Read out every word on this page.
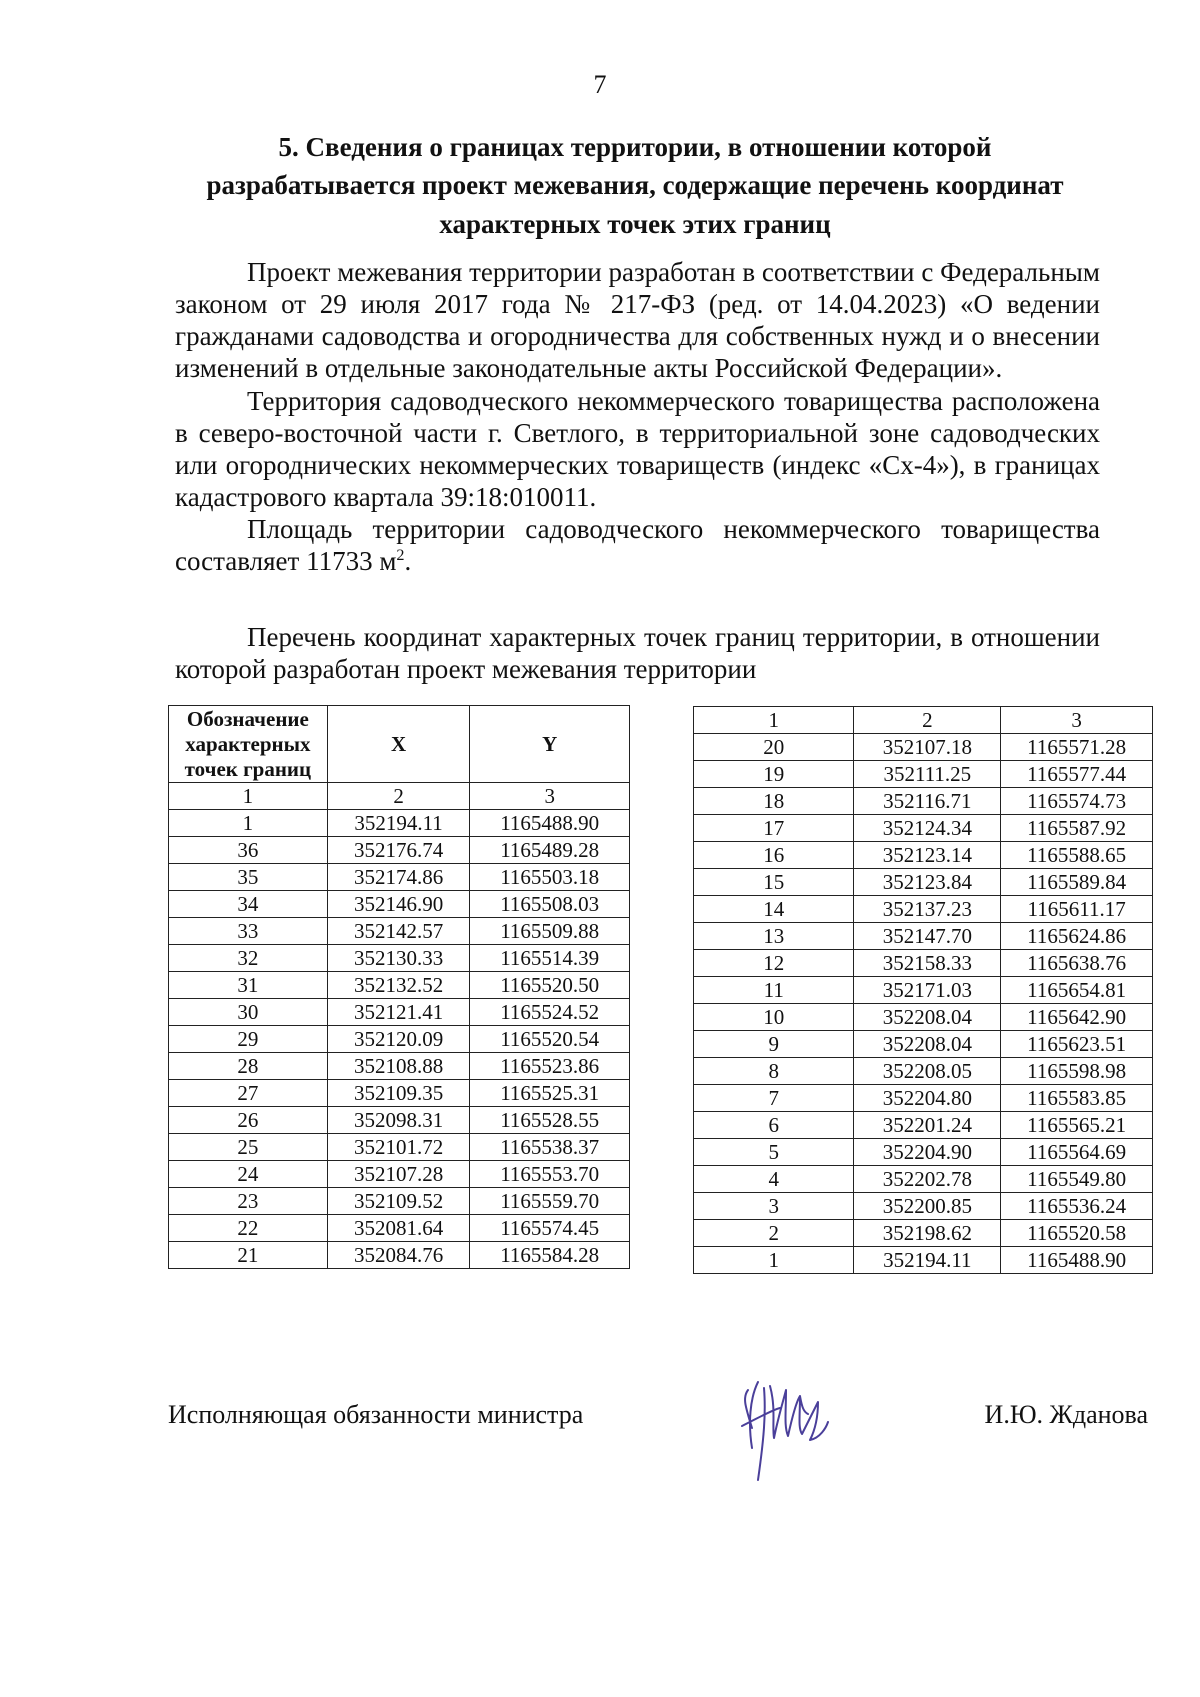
7
5. Сведения о границах территории, в отношении которой
разрабатывается проект межевания, содержащие перечень координат
характерных точек этих границ

Проект межевания территории разработан в соответствии с Федеральным законом от 29 июля 2017 года № 217-ФЗ (ред. от 14.04.2023) «О ведении гражданами садоводства и огородничества для собственных нужд и о внесении изменений в отдельные законодательные акты Российской Федерации».

Территория садоводческого некоммерческого товарищества расположена в северо-восточной части г. Светлого, в территориальной зоне садоводческих или огороднических некоммерческих товариществ (индекс «Сх-4»), в границах кадастрового квартала 39:18:010011.

Площадь территории садоводческого некоммерческого товарищества составляет 11733 $м^2$.

Перечень координат характерных точек границ территории, в отношении которой разработан проект межевания территории

Обозначение
характерных
точек границ	X	Y
1	2	3
1	352194.11	1165488.90
36	352176.74	1165489.28
35	352174.86	1165503.18
34	352146.90	1165508.03
33	352142.57	1165509.88
32	352130.33	1165514.39
31	352132.52	1165520.50
30	352121.41	1165524.52
29	352120.09	1165520.54
28	352108.88	1165523.86
27	352109.35	1165525.31
26	352098.31	1165528.55
25	352101.72	1165538.37
24	352107.28	1165553.70
23	352109.52	1165559.70
22	352081.64	1165574.45
21	352084.76	1165584.28
1	2	3
20	352107.18	1165571.28
19	352111.25	1165577.44
18	352116.71	1165574.73
17	352124.34	1165587.92
16	352123.14	1165588.65
15	352123.84	1165589.84
14	352137.23	1165611.17
13	352147.70	1165624.86
12	352158.33	1165638.76
11	352171.03	1165654.81
10	352208.04	1165642.90
9	352208.04	1165623.51
8	352208.05	1165598.98
7	352204.80	1165583.85
6	352201.24	1165565.21
5	352204.90	1165564.69
4	352202.78	1165549.80
3	352200.85	1165536.24
2	352198.62	1165520.58
1	352194.11	1165488.90
Исполняющая обязанности министра	И.Ю. Жданова
